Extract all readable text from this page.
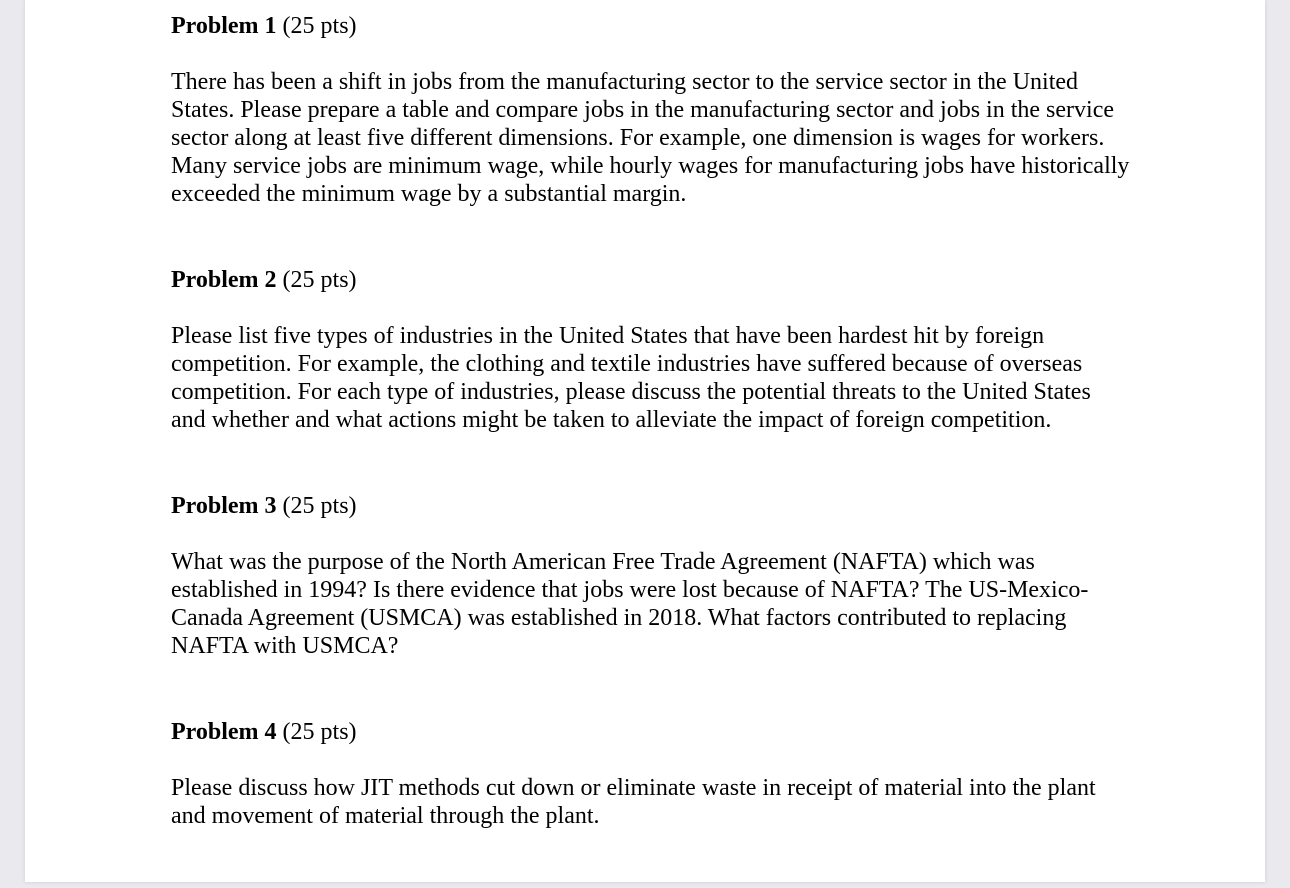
Problem 1 (25 pts)

There has been a shift in jobs from the manufacturing sector to the service sector in the United States. Please prepare a table and compare jobs in the manufacturing sector and jobs in the service sector along at least five different dimensions. For example, one dimension is wages for workers. Many service jobs are minimum wage, while hourly wages for manufacturing jobs have historically exceeded the minimum wage by a substantial margin.

Problem 2 (25 pts)

Please list five types of industries in the United States that have been hardest hit by foreign competition. For example, the clothing and textile industries have suffered because of overseas competition. For each type of industries, please discuss the potential threats to the United States and whether and what actions might be taken to alleviate the impact of foreign competition.

Problem 3 (25 pts)

What was the purpose of the North American Free Trade Agreement (NAFTA) which was established in 1994? Is there evidence that jobs were lost because of NAFTA? The US-Mexico-Canada Agreement (USMCA) was established in 2018. What factors contributed to replacing NAFTA with USMCA?

Problem 4 (25 pts)

Please discuss how JIT methods cut down or eliminate waste in receipt of material into the plant and movement of material through the plant.
